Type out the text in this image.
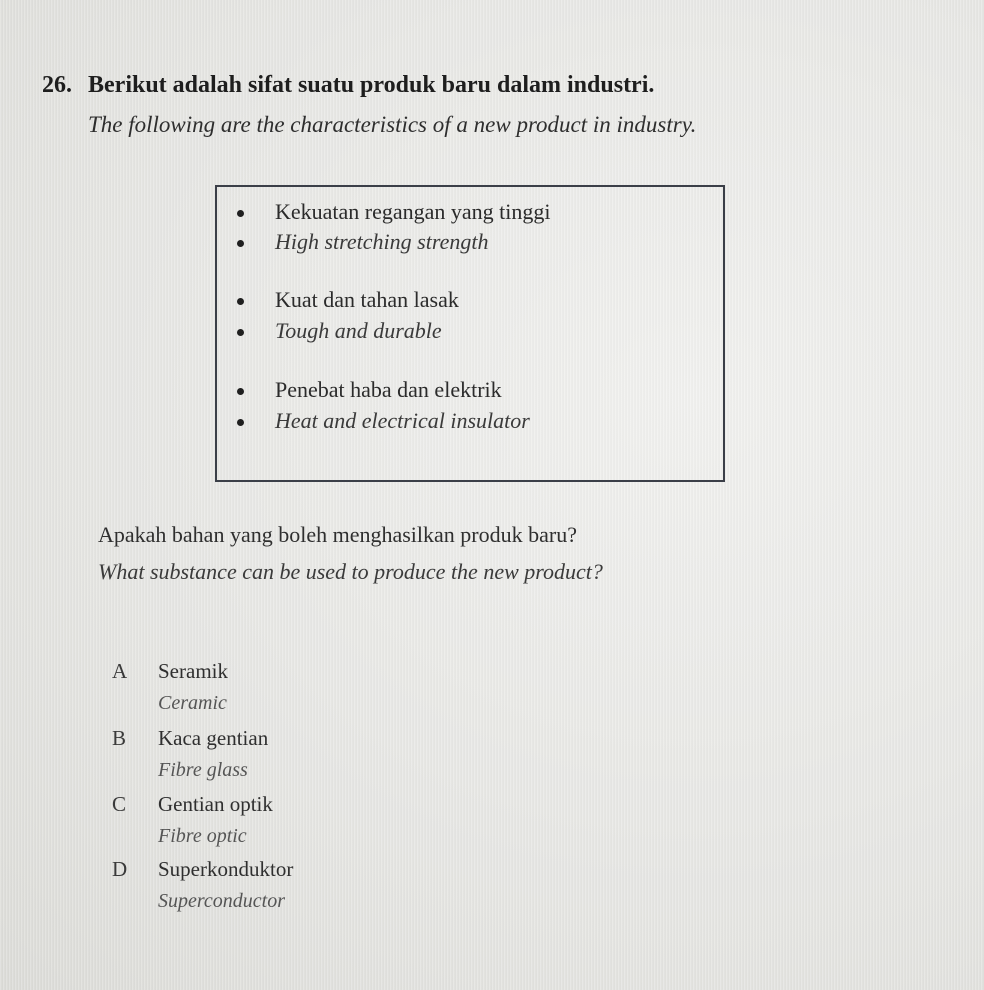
26. Berikut adalah sifat suatu produk baru dalam industri.
The following are the characteristics of a new product in industry.
Kekuatan regangan yang tinggi
High stretching strength
Kuat dan tahan lasak
Tough and durable
Penebat haba dan elektrik
Heat and electrical insulator
Apakah bahan yang boleh menghasilkan produk baru?
What substance can be used to produce the new product?
A Seramik
Ceramic
B Kaca gentian
Fibre glass
C Gentian optik
Fibre optic
D Superkonduktor
Superconductor
